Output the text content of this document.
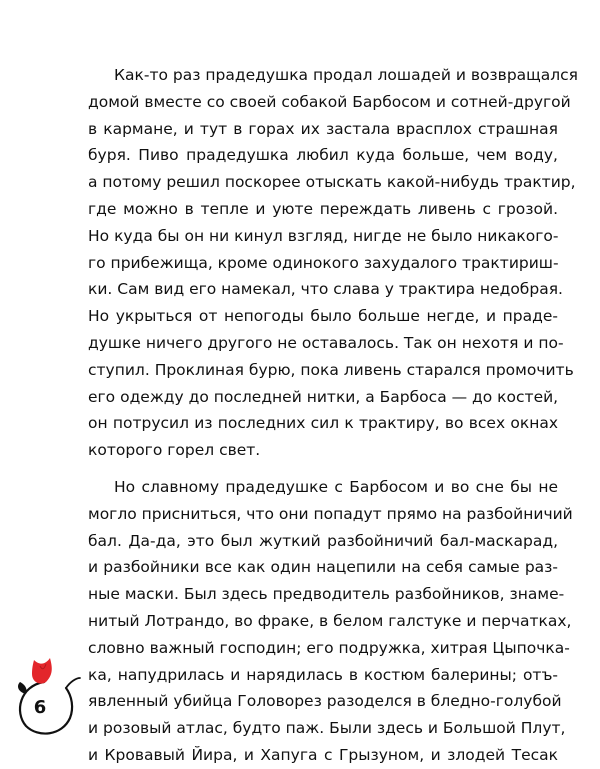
Как-то раз прадедушка продал лошадей и возвращался
домой вместе со своей собакой Барбосом и сотней-другой
в кармане, и тут в горах их застала врасплох страшная
буря. Пиво прадедушка любил куда больше, чем воду,
а потому решил поскорее отыскать какой-нибудь трактир,
где можно в тепле и уюте переждать ливень с грозой.
Но куда бы он ни кинул взгляд, нигде не было никакого-
го прибежища, кроме одинокого захудалого трактириш-
ки. Сам вид его намекал, что слава у трактира недобрая.
Но укрыться от непогоды было больше негде, и праде-
душке ничего другого не оставалось. Так он нехотя и по-
ступил. Проклиная бурю, пока ливень старался промочить
его одежду до последней нитки, а Барбоса — до костей,
он потрусил из последних сил к трактиру, во всех окнах
которого горел свет.
Но славному прадедушке с Барбосом и во сне бы не
могло присниться, что они попадут прямо на разбойничий
бал. Да-да, это был жуткий разбойничий бал-маскарад,
и разбойники все как один нацепили на себя самые раз-
ные маски. Был здесь предводитель разбойников, знаме-
нитый Лотрандо, во фраке, в белом галстуке и перчатках,
словно важный господин; его подружка, хитрая Цыпочка-
ка, напудрилась и нарядилась в костюм балерины; отъ-
явленный убийца Головорез разоделся в бледно-голубой
и розовый атлас, будто паж. Были здесь и Большой Плут,
и Кровавый Йира, и Хапуга с Грызуном, и злодей Тесак
6
